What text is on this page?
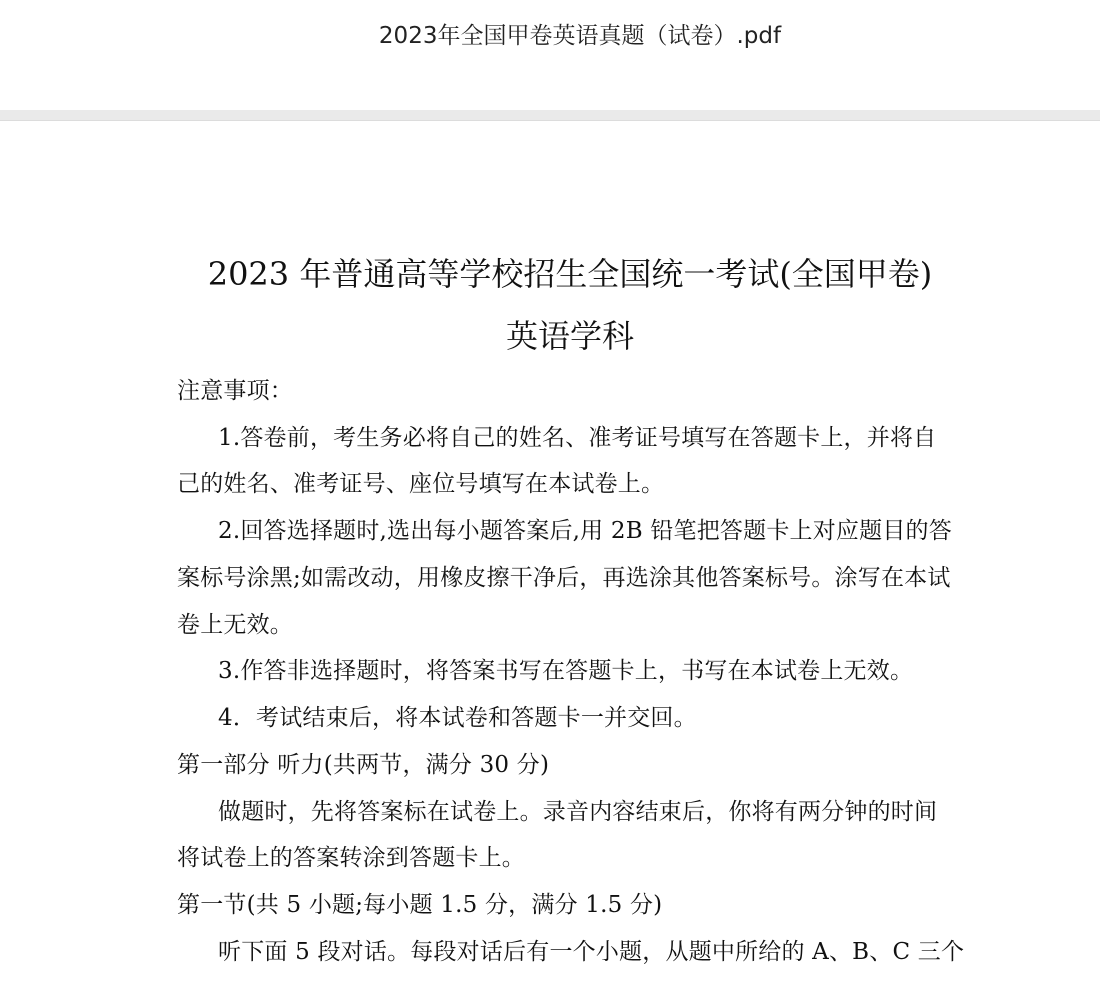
2023年全国甲卷英语真题（试卷）.pdf
2023 年普通高等学校招生全国统一考试(全国甲卷)
英语学科
注意事项：
1.答卷前，考生务必将自己的姓名、准考证号填写在答题卡上，并将自
己的姓名、准考证号、座位号填写在本试卷上。
2.回答选择题时,选出每小题答案后,用 2B 铅笔把答题卡上对应题目的答
案标号涂黑;如需改动，用橡皮擦干净后，再选涂其他答案标号。涂写在本试
卷上无效。
3.作答非选择题时，将答案书写在答题卡上，书写在本试卷上无效。
4．考试结束后，将本试卷和答题卡一并交回。
第一部分 听力(共两节，满分 30 分)
做题时，先将答案标在试卷上。录音内容结束后，你将有两分钟的时间
将试卷上的答案转涂到答题卡上。
第一节(共 5 小题;每小题 1.5 分，满分 1.5 分)
听下面 5 段对话。每段对话后有一个小题，从题中所给的 A、B、C 三个
